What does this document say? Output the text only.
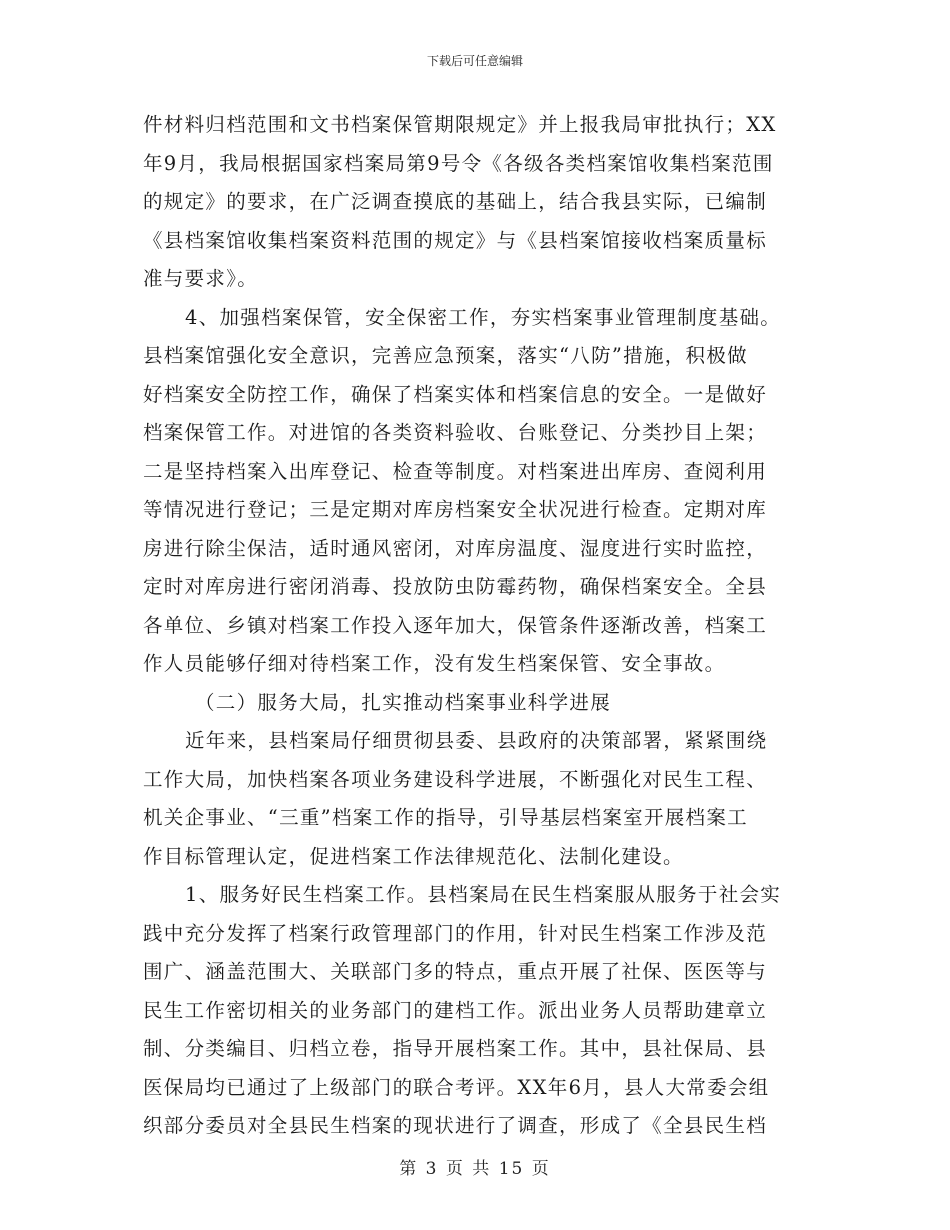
下载后可任意编辑

件材料归档范围和文书档案保管期限规定》并上报我局审批执行；XX
年9月，我局根据国家档案局第9号令《各级各类档案馆收集档案范围
的规定》的要求，在广泛调查摸底的基础上，结合我县实际，已编制
《县档案馆收集档案资料范围的规定》与《县档案馆接收档案质量标
准与要求》。

4、加强档案保管，安全保密工作，夯实档案事业管理制度基础。
县档案馆强化安全意识，完善应急预案，落实“八防”措施，积极做
好档案安全防控工作，确保了档案实体和档案信息的安全。一是做好
档案保管工作。对进馆的各类资料验收、台账登记、分类抄目上架；
二是坚持档案入出库登记、检查等制度。对档案进出库房、查阅利用
等情况进行登记；三是定期对库房档案安全状况进行检查。定期对库
房进行除尘保洁，适时通风密闭，对库房温度、湿度进行实时监控，
定时对库房进行密闭消毒、投放防虫防霉药物，确保档案安全。全县
各单位、乡镇对档案工作投入逐年加大，保管条件逐渐改善，档案工
作人员能够仔细对待档案工作，没有发生档案保管、安全事故。

（二）服务大局，扎实推动档案事业科学进展

近年来，县档案局仔细贯彻县委、县政府的决策部署，紧紧围绕
工作大局，加快档案各项业务建设科学进展，不断强化对民生工程、
机关企事业、“三重”档案工作的指导，引导基层档案室开展档案工
作目标管理认定，促进档案工作法律规范化、法制化建设。

1、服务好民生档案工作。县档案局在民生档案服从服务于社会实
践中充分发挥了档案行政管理部门的作用，针对民生档案工作涉及范
围广、涵盖范围大、关联部门多的特点，重点开展了社保、医医等与
民生工作密切相关的业务部门的建档工作。派出业务人员帮助建章立
制、分类编目、归档立卷，指导开展档案工作。其中，县社保局、县
医保局均已通过了上级部门的联合考评。XX年6月，县人大常委会组
织部分委员对全县民生档案的现状进行了调查，形成了《全县民生档

第 3 页 共 15 页
